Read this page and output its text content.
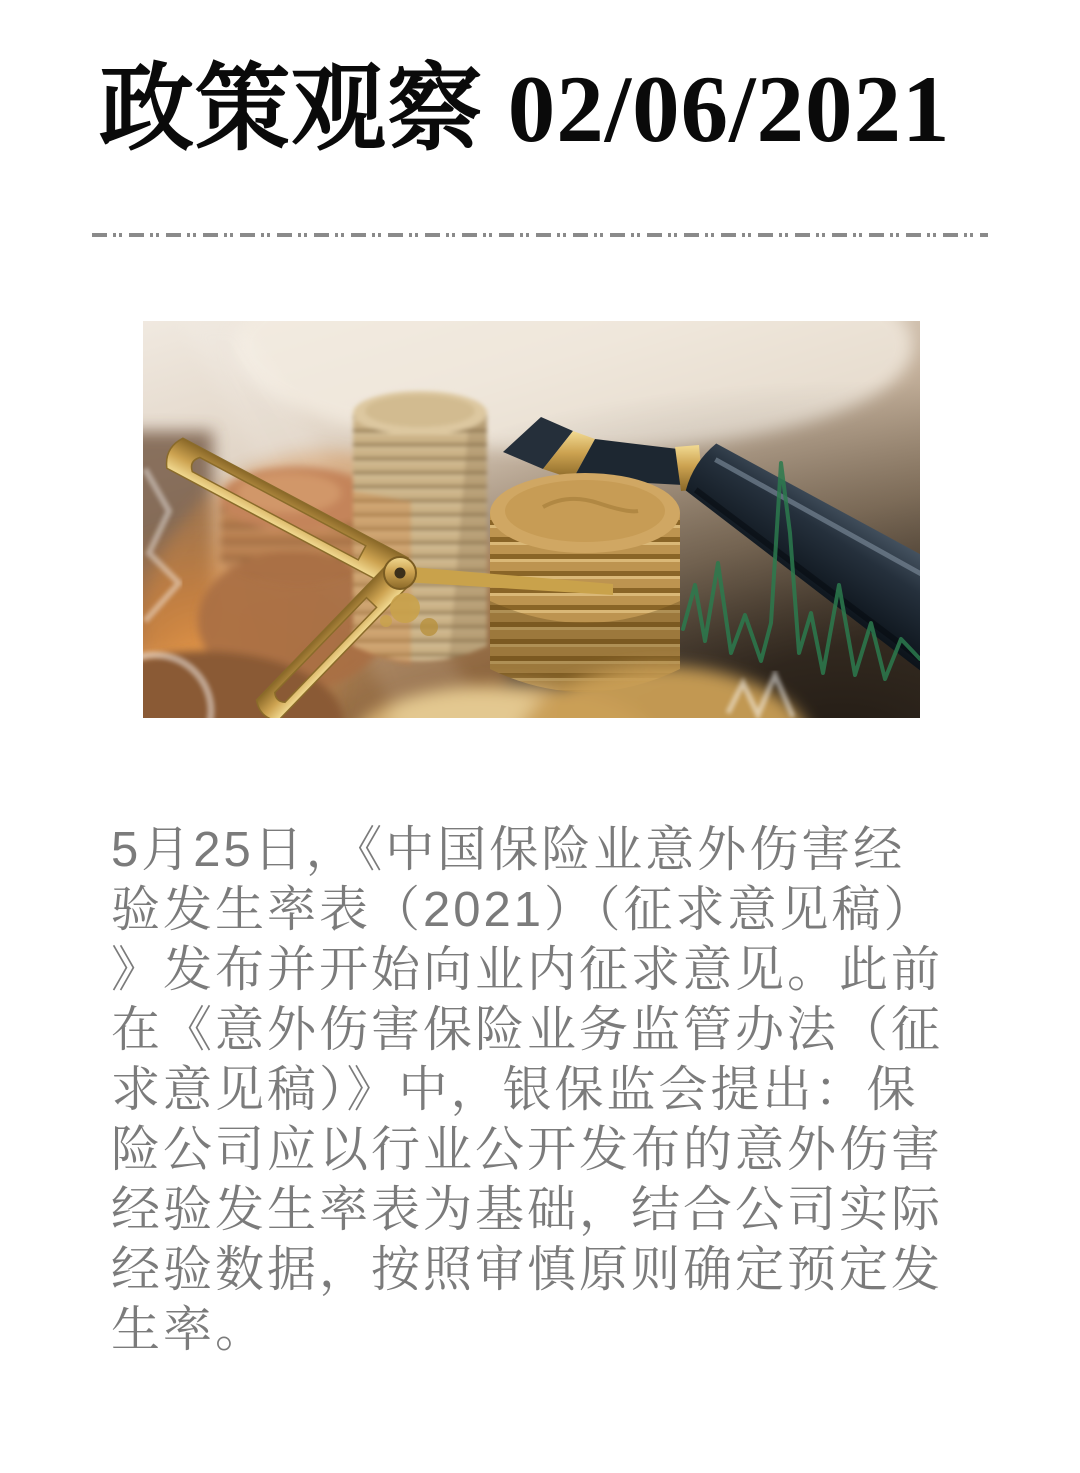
政策观察 02/06/2021
5月25日，《中国保险业意外伤害经
验发生率表（2021）（征求意见稿）
》发布并开始向业内征求意见。此前
在《意外伤害保险业务监管办法（征
求意见稿）》中，银保监会提出：保
险公司应以行业公开发布的意外伤害
经验发生率表为基础，结合公司实际
经验数据，按照审慎原则确定预定发
生率。
